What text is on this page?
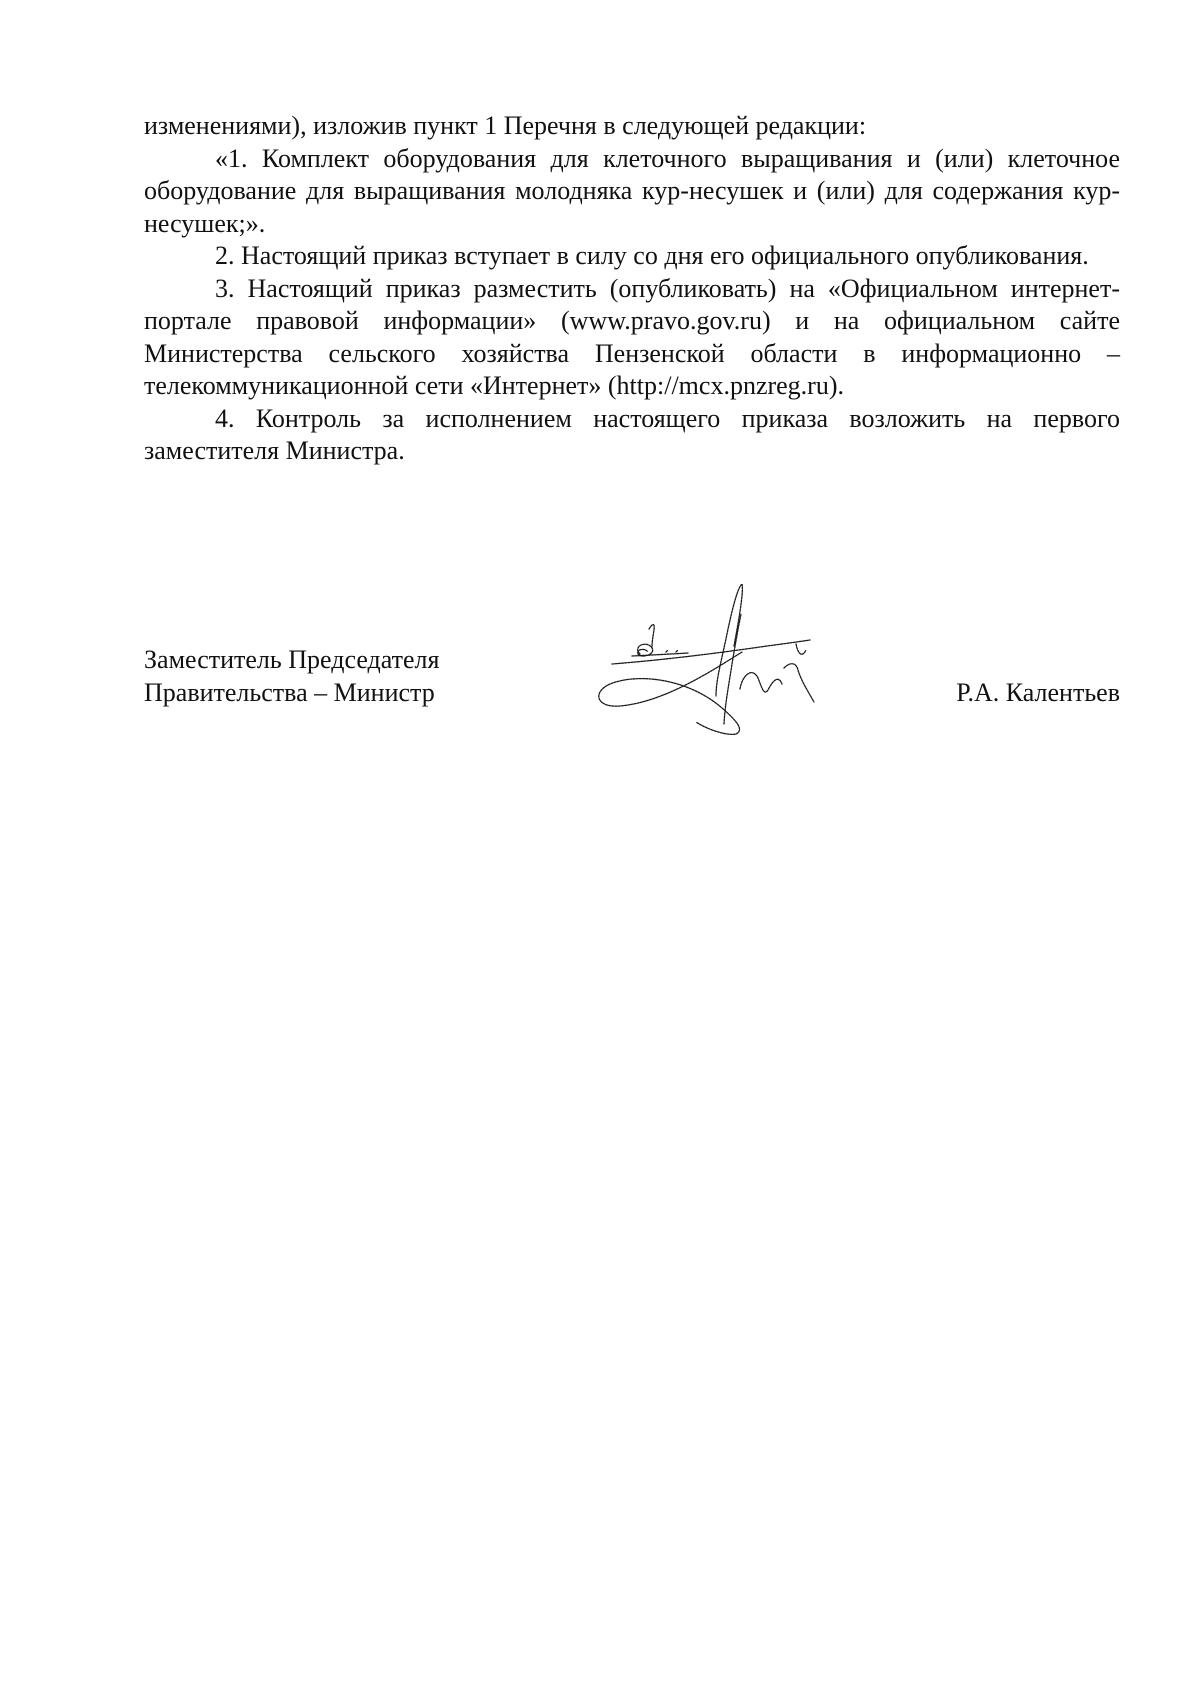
изменениями), изложив пункт 1 Перечня в следующей редакции:

«1. Комплект оборудования для клеточного выращивания и (или) клеточное оборудование для выращивания молодняка кур-несушек и (или) для содержания кур-несушек;».

2. Настоящий приказ вступает в силу со дня его официального опубликования.

3. Настоящий приказ разместить (опубликовать) на «Официальном интернет-портале правовой информации» (www.pravo.gov.ru) и на официальном сайте Министерства сельского хозяйства Пензенской области в информационно – телекоммуникационной сети «Интернет» (http://mcx.pnzreg.ru).

4. Контроль за исполнением настоящего приказа возложить на первого заместителя Министра.

Заместитель Председателя
Правительства – Министр	Р.А. Калентьев
